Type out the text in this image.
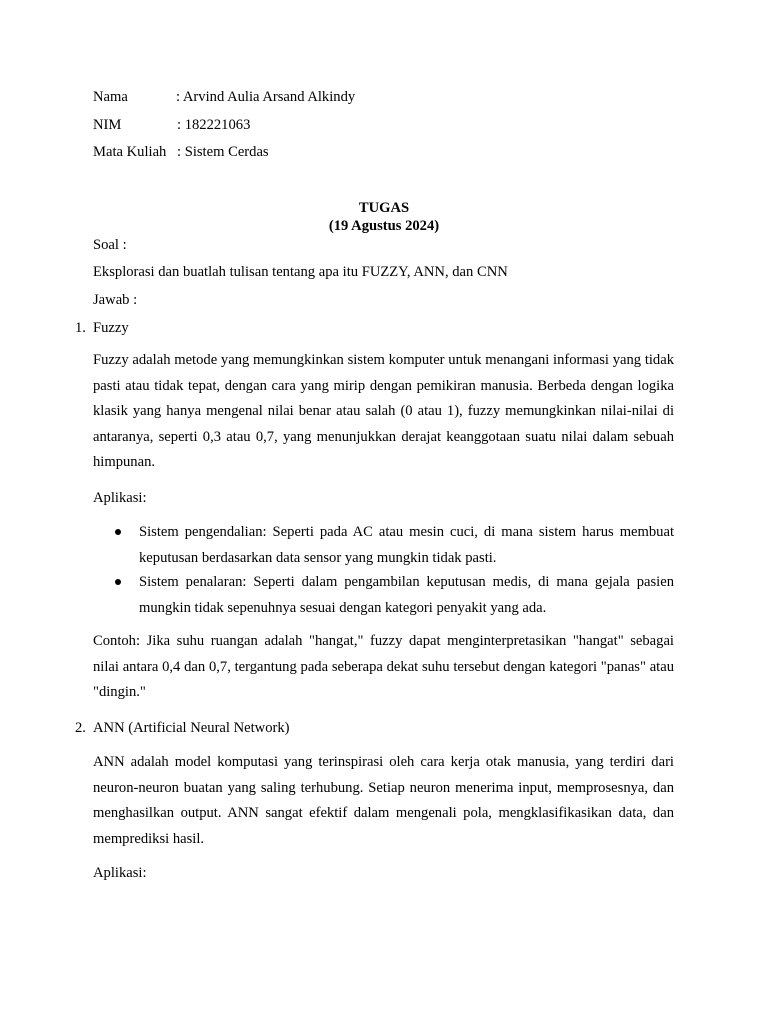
Nama	: Arvind Aulia Arsand Alkindy
NIM	: 182221063
Mata Kuliah : Sistem Cerdas
TUGAS
(19 Agustus 2024)
Soal :
Eksplorasi dan buatlah tulisan tentang apa itu FUZZY, ANN, dan CNN
Jawab :
1. Fuzzy
Fuzzy adalah metode yang memungkinkan sistem komputer untuk menangani informasi yang tidak pasti atau tidak tepat, dengan cara yang mirip dengan pemikiran manusia. Berbeda dengan logika klasik yang hanya mengenal nilai benar atau salah (0 atau 1), fuzzy memungkinkan nilai-nilai di antaranya, seperti 0,3 atau 0,7, yang menunjukkan derajat keanggotaan suatu nilai dalam sebuah himpunan.
Aplikasi:
Sistem pengendalian: Seperti pada AC atau mesin cuci, di mana sistem harus membuat keputusan berdasarkan data sensor yang mungkin tidak pasti.
Sistem penalaran: Seperti dalam pengambilan keputusan medis, di mana gejala pasien mungkin tidak sepenuhnya sesuai dengan kategori penyakit yang ada.
Contoh: Jika suhu ruangan adalah "hangat," fuzzy dapat menginterpretasikan "hangat" sebagai nilai antara 0,4 dan 0,7, tergantung pada seberapa dekat suhu tersebut dengan kategori "panas" atau "dingin."
2. ANN (Artificial Neural Network)
ANN adalah model komputasi yang terinspirasi oleh cara kerja otak manusia, yang terdiri dari neuron-neuron buatan yang saling terhubung. Setiap neuron menerima input, memprosesnya, dan menghasilkan output. ANN sangat efektif dalam mengenali pola, mengklasifikasikan data, dan memprediksi hasil.
Aplikasi:
